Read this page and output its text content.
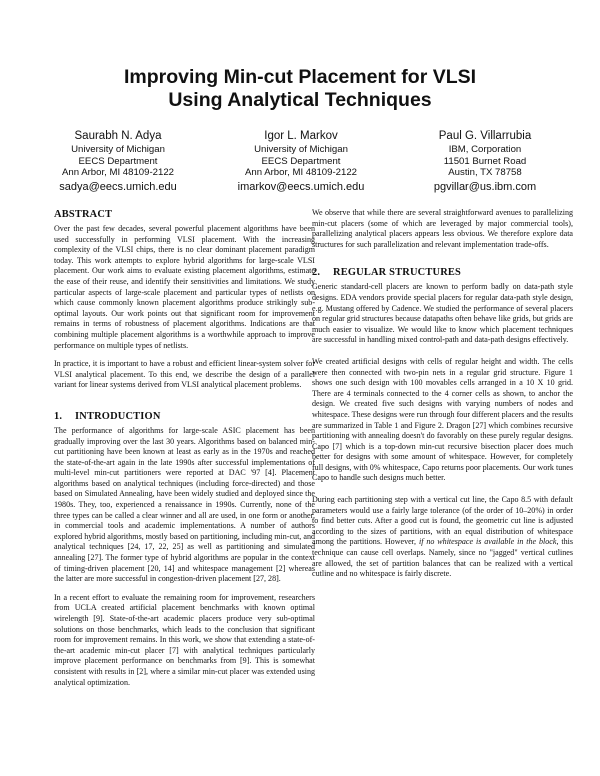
Improving Min-cut Placement for VLSI
Using Analytical Techniques
Saurabh N. Adya
University of Michigan
EECS Department
Ann Arbor, MI 48109-2122
sadya@eecs.umich.edu
Igor L. Markov
University of Michigan
EECS Department
Ann Arbor, MI 48109-2122
imarkov@eecs.umich.edu
Paul G. Villarrubia
IBM, Corporation
11501 Burnet Road
Austin, TX 78758
pgvillar@us.ibm.com
ABSTRACT

Over the past few decades, several powerful placement algorithms have been used successfully in performing VLSI placement. With the increasing complexity of the VLSI chips, there is no clear dominant placement paradigm today. This work attempts to explore hybrid algorithms for large-scale VLSI placement. Our work aims to evaluate existing placement algorithms, estimate the ease of their reuse, and identify their sensitivities and limitations. We study particular aspects of large-scale placement and particular types of netlists on which cause commonly known placement algorithms produce strikingly sub-optimal layouts. Our work points out that significant room for improvement remains in terms of robustness of placement algorithms. Indications are that combining multiple placement algorithms is a worthwhile approach to improve performance on multiple types of netlists.

In practice, it is important to have a robust and efficient linear-system solver for VLSI analytical placement. To this end, we describe the design of a parallel variant for linear systems derived from VLSI analytical placement problems.

1. INTRODUCTION

The performance of algorithms for large-scale ASIC placement has been gradually improving over the last 30 years. Algorithms based on balanced min-cut partitioning have been known at least as early as in the 1970s and reached the state-of-the-art again in the late 1990s after successful implementations of multi-level min-cut partitioners were reported at DAC '97 [4]. Placement algorithms based on analytical techniques (including force-directed) and those based on Simulated Annealing, have been widely studied and deployed since the 1980s. They, too, experienced a renaissance in 1990s. Currently, none of the three types can be called a clear winner and all are used, in one form or another, in commercial tools and academic implementations. A number of authors explored hybrid algorithms, mostly based on partitioning, including min-cut, and analytical techniques [24, 17, 22, 25] as well as partitioning and simulated annealing [27]. The former type of hybrid algorithms are popular in the context of timing-driven placement [20, 14] and whitespace management [2] whereas the latter are more successful in congestion-driven placement [27, 28].

In a recent effort to evaluate the remaining room for improvement, researchers from UCLA created artificial placement benchmarks with known optimal wirelength [9]. State-of-the-art academic placers produce very sub-optimal solutions on those benchmarks, which leads to the conclusion that significant room for improvement remains. In this work, we show that extending a state-of-the-art academic min-cut placer [7] with analytical techniques particularly improve placement performance on benchmarks from [9]. This is somewhat consistent with results in [2], where a similar min-cut placer was extended using analytical optimization.

We observe that while there are several straightforward avenues to parallelizing min-cut placers (some of which are leveraged by major commercial tools), parallelizing analytical placers appears less obvious. We therefore explore data structures for such parallelization and relevant implementation trade-offs.

2. REGULAR STRUCTURES

Generic standard-cell placers are known to perform badly on data-path style designs. EDA vendors provide special placers for regular data-path style design, e.g. Mustang offered by Cadence. We studied the performance of several placers on regular grid structures because datapaths often behave like grids, but grids are much easier to visualize. We would like to know which placement techniques are successful in handling mixed control-path and data-path designs effectively.

We created artificial designs with cells of regular height and width. The cells were then connected with two-pin nets in a regular grid structure. Figure 1 shows one such design with 100 movables cells arranged in a 10 X 10 grid. There are 4 terminals connected to the 4 corner cells as shown, to anchor the design. We created five such designs with varying numbers of nodes and whitespace. These designs were run through four different placers and the results are summarized in Table 1 and Figure 2. Dragon [27] which combines recursive partitioning with annealing doesn't do favorably on these purely regular designs. Capo [7] which is a top-down min-cut recursive bisection placer does much better for designs with some amount of whitespace. However, for completely full designs, with 0% whitespace, Capo returns poor placements. Our work tunes Capo to handle such designs much better.

During each partitioning step with a vertical cut line, the Capo 8.5 with default parameters would use a fairly large tolerance (of the order of 10–20%) in order to find better cuts. After a good cut is found, the geometric cut line is adjusted according to the sizes of partitions, with an equal distribution of whitespace among the partitions. However, if no whitespace is available in the block, this technique can cause cell overlaps. Namely, since no "jagged" vertical cutlines are allowed, the set of partition balances that can be realized with a vertical cutline and no whitespace is fairly discrete.
